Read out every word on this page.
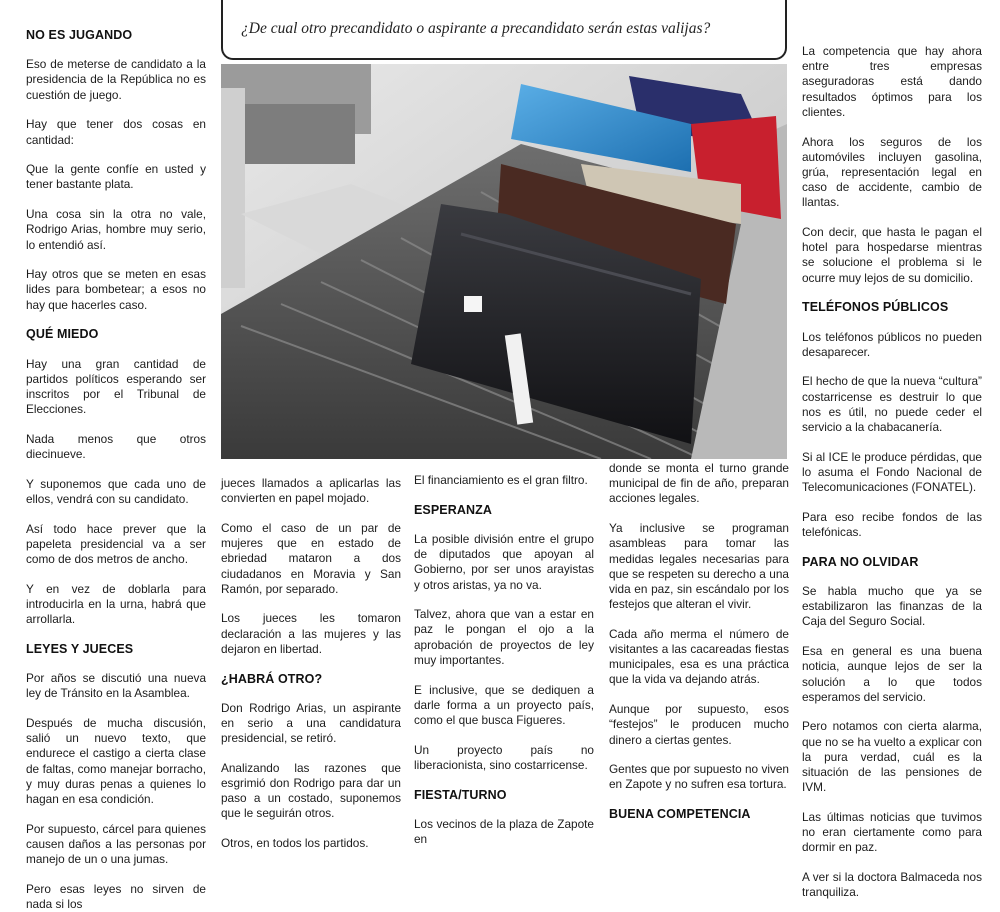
NO ES JUGANDO

Eso de meterse de candidato a la presidencia de la República no es cuestión de juego.

Hay que tener dos cosas en cantidad:

Que la gente confíe en usted y tener bastante plata.

Una cosa sin la otra no vale, Rodrigo Arias, hombre muy serio, lo entendió así.

Hay otros que se meten en esas lides para bombetear; a esos no hay que hacerles caso.

QUÉ MIEDO

Hay una gran cantidad de partidos políticos esperando ser inscritos por el Tribunal de Elecciones.

Nada menos que otros diecinueve.

Y suponemos que cada uno de ellos, vendrá con su candidato.

Así todo hace prever que la papeleta presidencial va a ser como de dos metros de ancho.

Y en vez de doblarla para introducirla en la urna, habrá que arrollarla.

LEYES Y JUECES

Por años se discutió una nueva ley de Tránsito en la Asamblea.

Después de mucha discusión, salió un nuevo texto, que endurece el castigo a cierta clase de faltas, como manejar borracho, y muy duras penas a quienes lo hagan en esa condición.

Por supuesto, cárcel para quienes causen daños a las personas por manejo de un o una jumas.

Pero esas leyes no sirven de nada si los

¿De cual otro precandidato o aspirante a precandidato serán estas valijas?

jueces llamados a aplicarlas las convierten en papel mojado.

Como el caso de un par de mujeres que en estado de ebriedad mataron a dos ciudadanos en Moravia y San Ramón, por separado.

Los jueces les tomaron declaración a las mujeres y las dejaron en libertad.

¿HABRÁ OTRO?

Don Rodrigo Arias, un aspirante en serio a una candidatura presidencial, se retiró.

Analizando las razones que esgrimió don Rodrigo para dar un paso a un costado, suponemos que le seguirán otros.

Otros, en todos los partidos.

El financiamiento es el gran filtro.

ESPERANZA

La posible división entre el grupo de diputados que apoyan al Gobierno, por ser unos arayistas y otros aristas, ya no va.

Talvez, ahora que van a estar en paz le pongan el ojo a la aprobación de proyectos de ley muy importantes.

E inclusive, que se dediquen a darle forma a un proyecto país, como el que busca Figueres.

Un proyecto país no liberacionista, sino costarricense.

FIESTA/TURNO

Los vecinos de la plaza de Zapote en

donde se monta el turno grande municipal de fin de año, preparan acciones legales.

Ya inclusive se programan asambleas para tomar las medidas legales necesarias para que se respeten su derecho a una vida en paz, sin escándalo por los festejos que alteran el vivir.

Cada año merma el número de visitantes a las cacareadas fiestas municipales, esa es una práctica que la vida va dejando atrás.

Aunque por supuesto, esos “festejos” le producen mucho dinero a ciertas gentes.

Gentes que por supuesto no viven en Zapote y no sufren esa tortura.

BUENA COMPETENCIA

La competencia que hay ahora entre tres empresas aseguradoras está dando resultados óptimos para los clientes.

Ahora los seguros de los automóviles incluyen gasolina, grúa, representación legal en caso de accidente, cambio de llantas.

Con decir, que hasta le pagan el hotel para hospedarse mientras se solucione el problema si le ocurre muy lejos de su domicilio.

TELÉFONOS PÚBLICOS

Los teléfonos públicos no pueden desaparecer.

El hecho de que la nueva “cultura” costarricense es destruir lo que nos es útil, no puede ceder el servicio a la chabacanería.

Si al ICE le produce pérdidas, que lo asuma el Fondo Nacional de Telecomunicaciones (FONATEL).

Para eso recibe fondos de las telefónicas.

PARA NO OLVIDAR

Se habla mucho que ya se estabilizaron las finanzas de la Caja del Seguro Social.

Esa en general es una buena noticia, aunque lejos de ser la solución a lo que todos esperamos del servicio.

Pero notamos con cierta alarma, que no se ha vuelto a explicar con la pura verdad, cuál es la situación de las pensiones de IVM.

Las últimas noticias que tuvimos no eran ciertamente como para dormir en paz.

A ver si la doctora Balmaceda nos tranquiliza.
